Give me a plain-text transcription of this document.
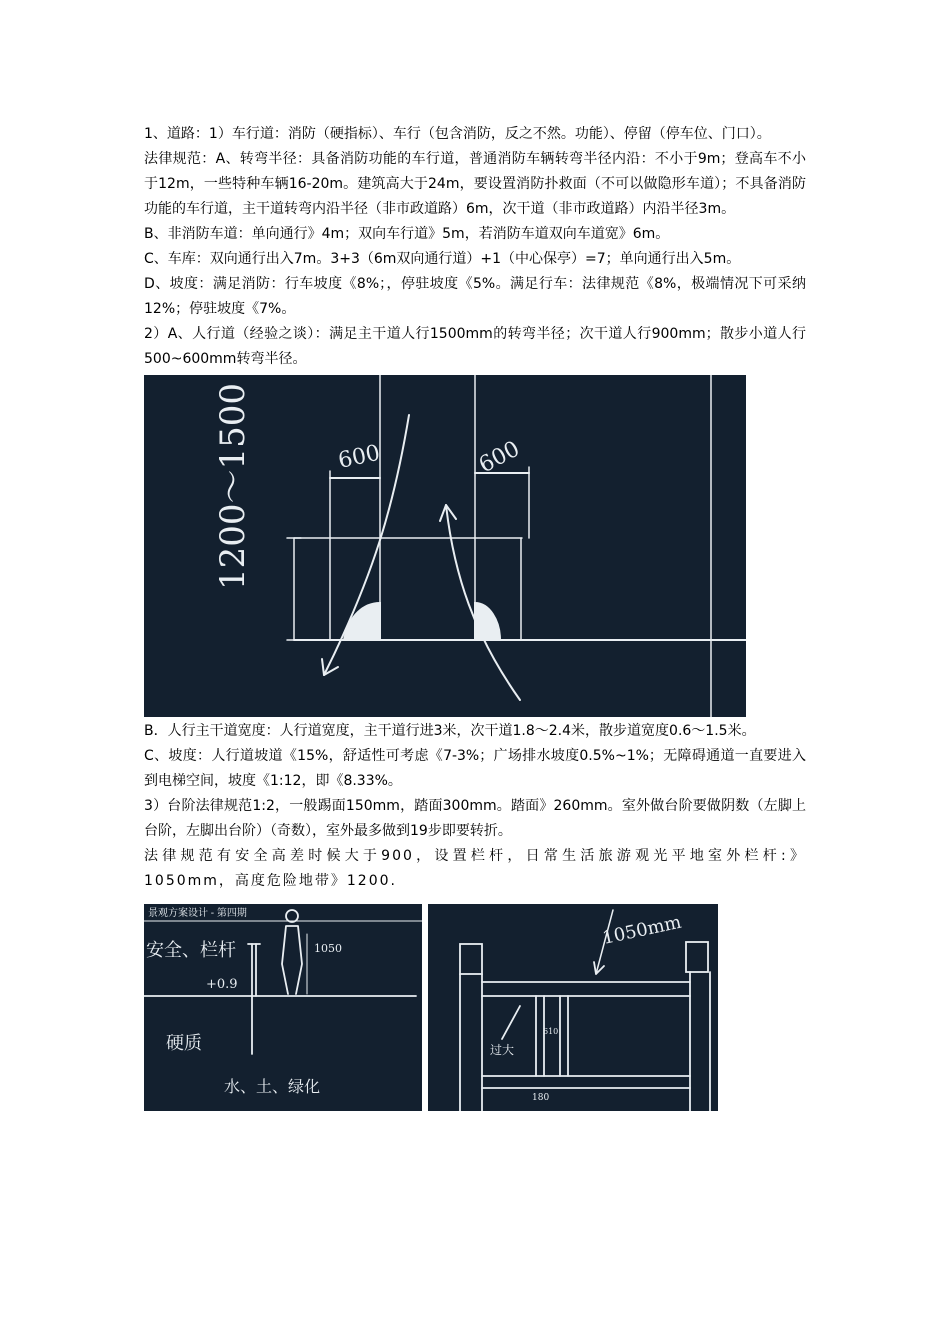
1、道路：1）车行道：消防（硬指标）、车行（包含消防，反之不然。功能）、停留（停车位、门口）。

法律规范：A、转弯半径：具备消防功能的车行道，普通消防车辆转弯半径内沿：不小于9m；登高车不小于12m，一些特种车辆16-20m。建筑高大于24m，要设置消防扑救面（不可以做隐形车道）；不具备消防功能的车行道，主干道转弯内沿半径（非市政道路）6m，次干道（非市政道路）内沿半径3m。

B、非消防车道：单向通行》4m；双向车行道》5m，若消防车道双向车道宽》6m。

C、车库：双向通行出入7m。3+3（6m双向通行道）+1（中心保亭）=7；单向通行出入5m。

D、坡度：满足消防：行车坡度《8%；，停驻坡度《5%。满足行车：法律规范《8%，极端情况下可采纳12%；停驻坡度《7%。

2）A、人行道（经验之谈）：满足主干道人行1500mm的转弯半径；次干道人行900mm；散步小道人行500~600mm转弯半径。

1200～1500	600	600

B．人行主干道宽度：人行道宽度，主干道行进3米，次干道1.8～2.4米，散步道宽度0.6～1.5米。

C、坡度：人行道坡道《15%，舒适性可考虑《7-3%；广场排水坡度0.5%~1%；无障碍通道一直要进入到电梯空间，坡度《1:12，即《8.33%。

3）台阶法律规范1:2，一般踢面150mm，踏面300mm。踏面》260mm。室外做台阶要做阴数（左脚上台阶，左脚出台阶）（奇数），室外最多做到19步即要转折。

法律规范有安全高差时候大于900，设置栏杆，日常生活旅游观光平地室外栏杆:》1050mm，高度危险地带》1200.

景观方案设计 - 第四期
安全、栏杆
+0.9
1050
硬质
水、土、绿化
1050mm
610
过大
180
